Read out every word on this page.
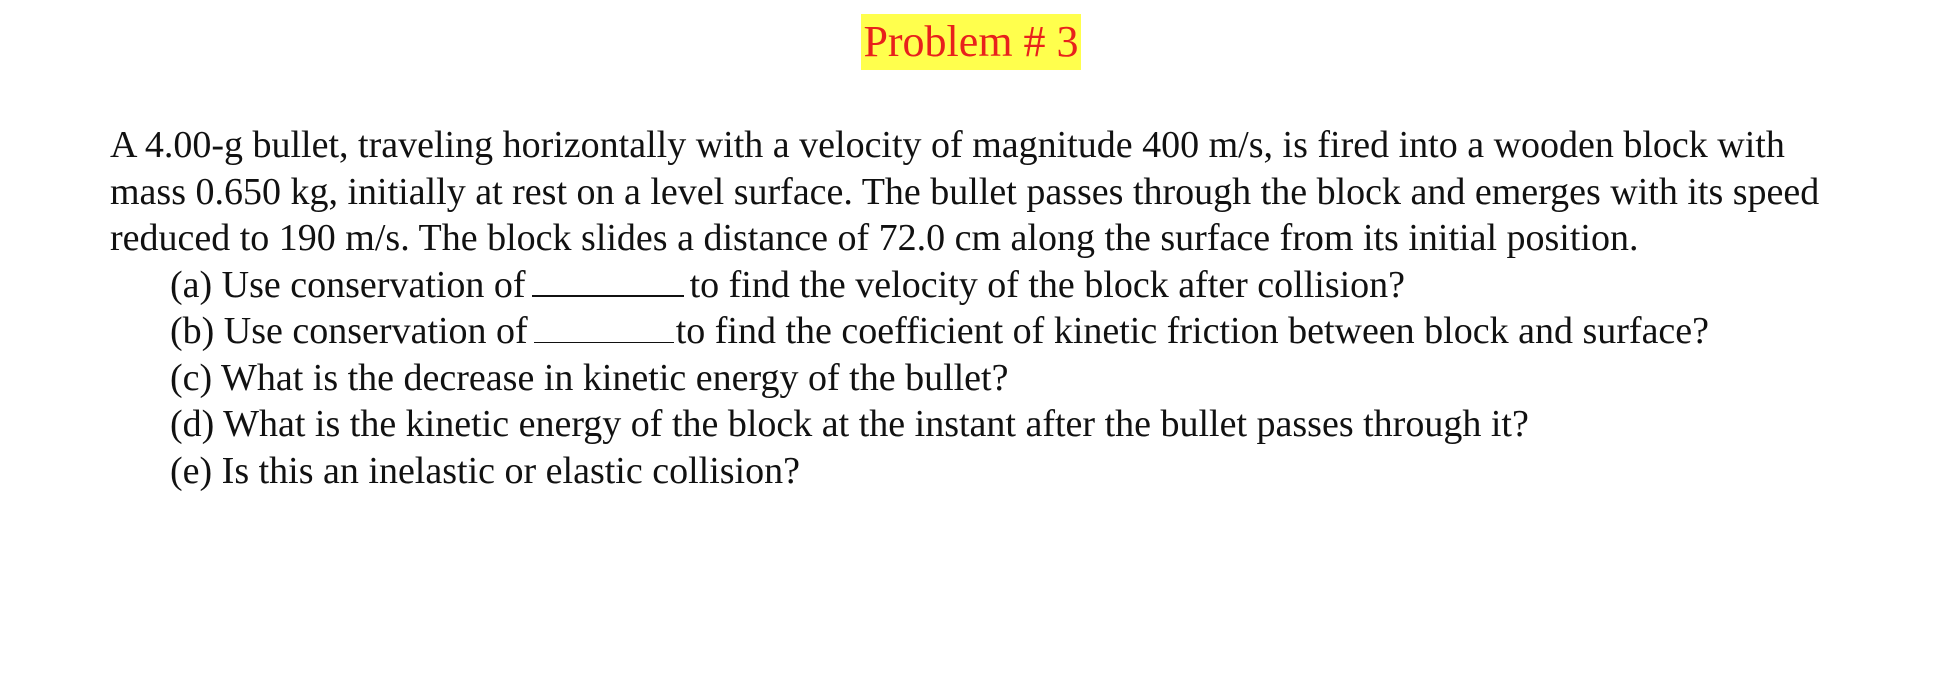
Problem # 3

A 4.00-g bullet, traveling horizontally with a velocity of magnitude 400 m/s, is fired into a wooden block with mass 0.650 kg, initially at rest on a level surface. The bullet passes through the block and emerges with its speed reduced to 190 m/s. The block slides a distance of 72.0 cm along the surface from its initial position.

(a) Use conservation of	to find the velocity of the block after collision?
(b) Use conservation of	to find the coefficient of kinetic friction between block and surface?
(c) What is the decrease in kinetic energy of the bullet?
(d) What is the kinetic energy of the block at the instant after the bullet passes through it?
(e) Is this an inelastic or elastic collision?
